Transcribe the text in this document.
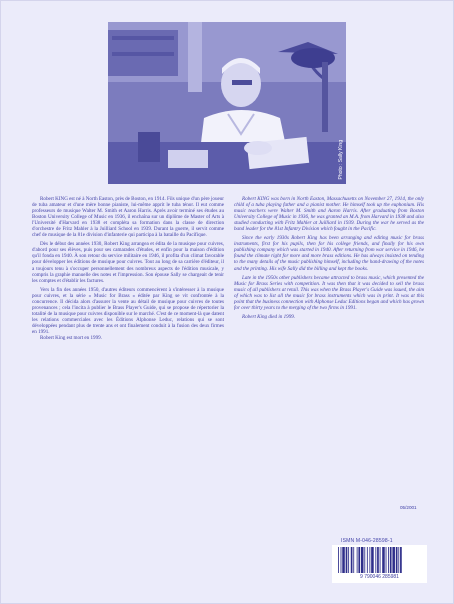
Photo : Sally King

Robert KING est né à North Easton, près de Boston, en 1914. Fils unique d'un père joueur de tuba amateur et d'une mère bonne pianiste, lui-même apprit le tuba ténor. Il eut comme professeurs de musique Walter M. Smith et Aaron Harris. Après avoir terminé ses études au Boston University College of Music en 1936, il enchaîna sur un diplôme de Master of Arts à l'Université d'Harvard en 1938 et compléta sa formation dans la classe de direction d'orchestre de Fritz Mahler à la Juilliard School en 1939. Durant la guerre, il servit comme chef de musique de la 81e division d'infanterie qui participa à la bataille du Pacifique.

Dès le début des années 1930, Robert King arrangea et édita de la musique pour cuivres, d'abord pour ses élèves, puis pour ses camarades d'études, et enfin pour la maison d'édition qu'il fonda en 1940. À son retour du service militaire en 1946, il profita d'un climat favorable pour développer les éditions de musique pour cuivres. Tout au long de sa carrière d'éditeur, il a toujours tenu à s'occuper personnellement des nombreux aspects de l'édition musicale, y compris la graphie manuelle des notes et l'impression. Son épouse Sally se chargeait de tenir les comptes et d'établir les factures.

Vers la fin des années 1950, d'autres éditeurs commencèrent à s'intéresser à la musique pour cuivres, et la série « Music for Brass » éditée par King se vit confrontée à la concurrence. Il décida alors d'assurer la vente au détail de musique pour cuivres de toutes provenances ; cela l'incita à publier le Brass Player's Guide, qui se propose de répertorier la totalité de la musique pour cuivres disponible sur le marché. C'est de ce moment-là que datent les relations commerciales avec les Éditions Alphonse Leduc, relations qui se sont développées pendant plus de trente ans et ont finalement conduit à la fusion des deux firmes en 1991.

Robert King est mort en 1999.

Robert KING was born in North Easton, Massachusetts on November 27, 1914, the only child of a tuba playing father and a pianist mother. He himself took up the euphonium. His music teachers were Walter M. Smith and Aaron Harris. After graduating from Boston University College of Music in 1936, he was granted an M.A. from Harvard in 1938 and also studied conducting with Fritz Mahler at Juilliard in 1939. During the war he served as the band leader for the 81st Infantry Division which fought in the Pacific.

Since the early 1930s Robert King has been arranging and editing music for brass instruments, first for his pupils, then for his college friends, and finally for his own publishing company which was started in 1940. After returning from war service in 1946, he found the climate right for more and more brass editions. He has always insisted on tending to the many details of the music publishing himself, including the hand-drawing of the notes and the printing. His wife Sally did the billing and kept the books.

Late in the 1950s other publishers became attracted to brass music, which presented the Music for Brass Series with competition. It was then that it was decided to sell the brass music of all publishers at retail. This was when the Brass Player's Guide was issued, the aim of which was to list all the music for brass instruments which was in print. It was at this point that the business connection with Alphonse Leduc Editions began and which has grown for over thirty years to the merging of the two firms in 1991.

Robert King died in 1999.

05/2001
ISMN M-046-28598-1
9 790046 285981
